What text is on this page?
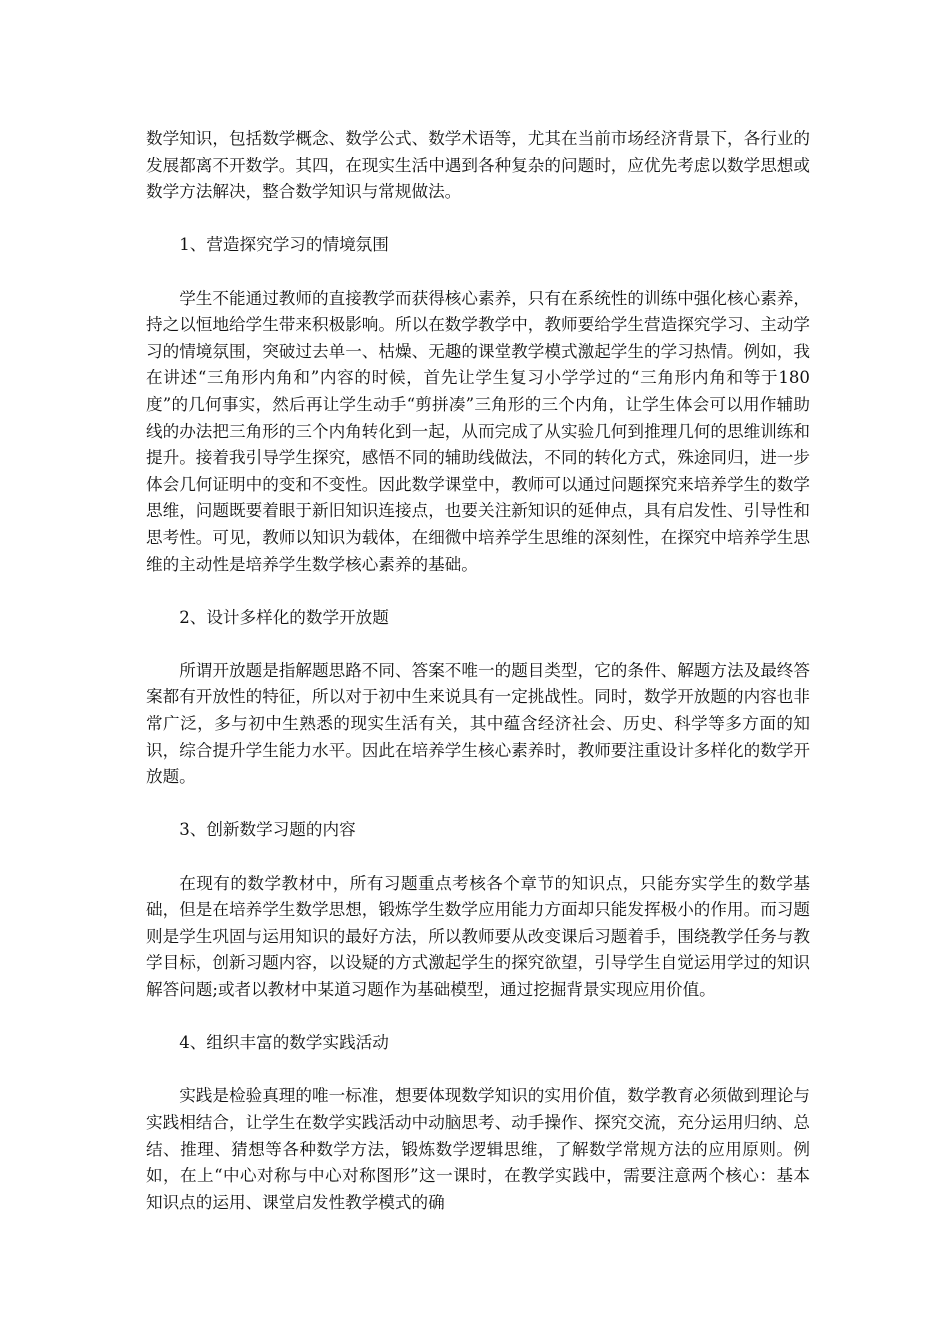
数学知识，包括数学概念、数学公式、数学术语等，尤其在当前市场经济背景下，各行业的发展都离不开数学。其四，在现实生活中遇到各种复杂的问题时，应优先考虑以数学思想或数学方法解决，整合数学知识与常规做法。

1、营造探究学习的情境氛围

学生不能通过教师的直接教学而获得核心素养，只有在系统性的训练中强化核心素养，持之以恒地给学生带来积极影响。所以在数学教学中，教师要给学生营造探究学习、主动学习的情境氛围，突破过去单一、枯燥、无趣的课堂教学模式激起学生的学习热情。例如，我在讲述“三角形内角和”内容的时候，首先让学生复习小学学过的“三角形内角和等于180度”的几何事实，然后再让学生动手“剪拼凑”三角形的三个内角，让学生体会可以用作辅助线的办法把三角形的三个内角转化到一起，从而完成了从实验几何到推理几何的思维训练和提升。接着我引导学生探究，感悟不同的辅助线做法，不同的转化方式，殊途同归，进一步体会几何证明中的变和不变性。因此数学课堂中，教师可以通过问题探究来培养学生的数学思维，问题既要着眼于新旧知识连接点，也要关注新知识的延伸点，具有启发性、引导性和思考性。可见，教师以知识为载体，在细微中培养学生思维的深刻性，在探究中培养学生思维的主动性是培养学生数学核心素养的基础。

2、设计多样化的数学开放题

所谓开放题是指解题思路不同、答案不唯一的题目类型，它的条件、解题方法及最终答案都有开放性的特征，所以对于初中生来说具有一定挑战性。同时，数学开放题的内容也非常广泛，多与初中生熟悉的现实生活有关，其中蕴含经济社会、历史、科学等多方面的知识，综合提升学生能力水平。因此在培养学生核心素养时，教师要注重设计多样化的数学开放题。

3、创新数学习题的内容

在现有的数学教材中，所有习题重点考核各个章节的知识点，只能夯实学生的数学基础，但是在培养学生数学思想，锻炼学生数学应用能力方面却只能发挥极小的作用。而习题则是学生巩固与运用知识的最好方法，所以教师要从改变课后习题着手，围绕教学任务与教学目标，创新习题内容，以设疑的方式激起学生的探究欲望，引导学生自觉运用学过的知识解答问题;或者以教材中某道习题作为基础模型，通过挖掘背景实现应用价值。

4、组织丰富的数学实践活动

实践是检验真理的唯一标准，想要体现数学知识的实用价值，数学教育必须做到理论与实践相结合，让学生在数学实践活动中动脑思考、动手操作、探究交流，充分运用归纳、总结、推理、猜想等各种数学方法，锻炼数学逻辑思维，了解数学常规方法的应用原则。例如，在上“中心对称与中心对称图形”这一课时，在教学实践中，需要注意两个核心：基本知识点的运用、课堂启发性教学模式的确
